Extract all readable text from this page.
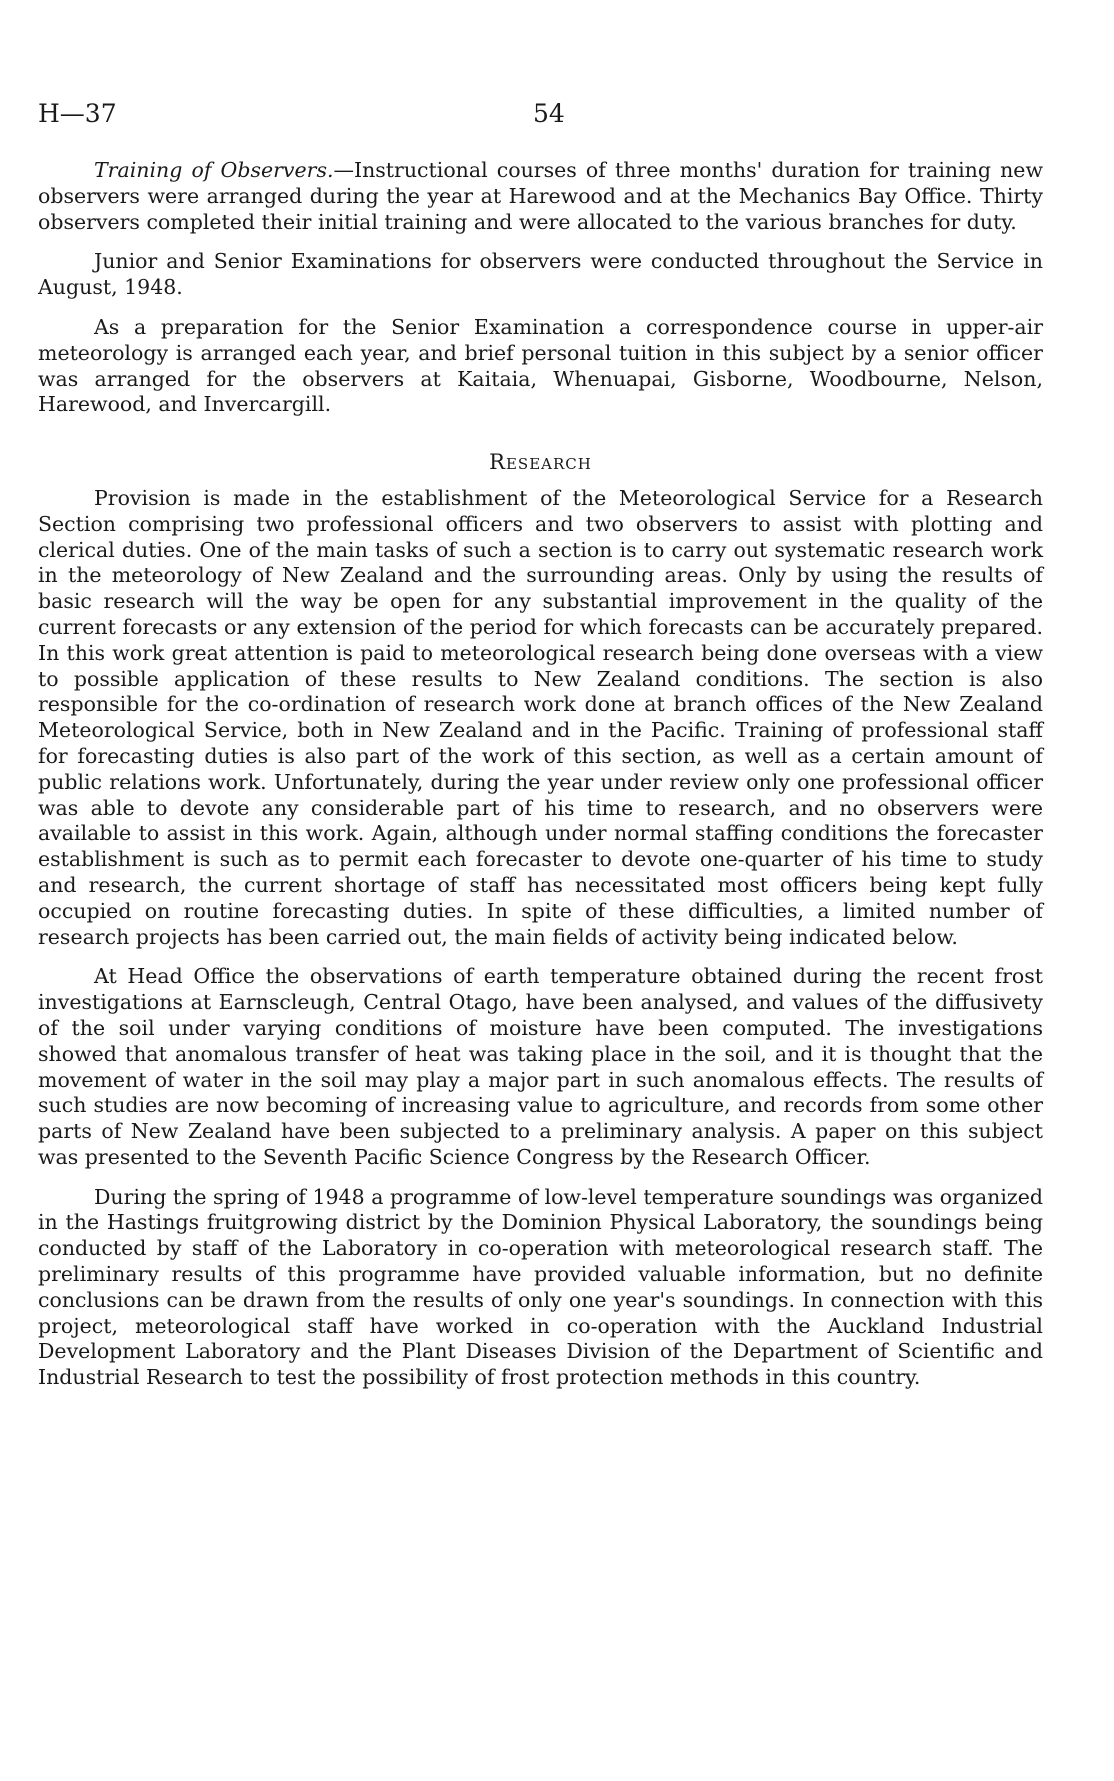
H—37	54

Training of Observers.—Instructional courses of three months' duration for training new observers were arranged during the year at Harewood and at the Mechanics Bay Office. Thirty observers completed their initial training and were allocated to the various branches for duty.

Junior and Senior Examinations for observers were conducted throughout the Service in August, 1948.

As a preparation for the Senior Examination a correspondence course in upper-air meteorology is arranged each year, and brief personal tuition in this subject by a senior officer was arranged for the observers at Kaitaia, Whenuapai, Gisborne, Woodbourne, Nelson, Harewood, and Invercargill.

Research

Provision is made in the establishment of the Meteorological Service for a Research Section comprising two professional officers and two observers to assist with plotting and clerical duties. One of the main tasks of such a section is to carry out systematic research work in the meteorology of New Zealand and the surrounding areas. Only by using the results of basic research will the way be open for any substantial improvement in the quality of the current forecasts or any extension of the period for which forecasts can be accurately prepared. In this work great attention is paid to meteorological research being done overseas with a view to possible application of these results to New Zealand conditions. The section is also responsible for the co-ordination of research work done at branch offices of the New Zealand Meteorological Service, both in New Zealand and in the Pacific. Training of professional staff for forecasting duties is also part of the work of this section, as well as a certain amount of public relations work. Unfortunately, during the year under review only one professional officer was able to devote any considerable part of his time to research, and no observers were available to assist in this work. Again, although under normal staffing conditions the forecaster establishment is such as to permit each forecaster to devote one-quarter of his time to study and research, the current shortage of staff has necessitated most officers being kept fully occupied on routine forecasting duties. In spite of these difficulties, a limited number of research projects has been carried out, the main fields of activity being indicated below.

At Head Office the observations of earth temperature obtained during the recent frost investigations at Earnscleugh, Central Otago, have been analysed, and values of the diffusivety of the soil under varying conditions of moisture have been computed. The investigations showed that anomalous transfer of heat was taking place in the soil, and it is thought that the movement of water in the soil may play a major part in such anomalous effects. The results of such studies are now becoming of increasing value to agriculture, and records from some other parts of New Zealand have been subjected to a preliminary analysis. A paper on this subject was presented to the Seventh Pacific Science Congress by the Research Officer.

During the spring of 1948 a programme of low-level temperature soundings was organized in the Hastings fruitgrowing district by the Dominion Physical Laboratory, the soundings being conducted by staff of the Laboratory in co-operation with meteorological research staff. The preliminary results of this programme have provided valuable information, but no definite conclusions can be drawn from the results of only one year's soundings. In connection with this project, meteorological staff have worked in co-operation with the Auckland Industrial Development Laboratory and the Plant Diseases Division of the Department of Scientific and Industrial Research to test the possibility of frost protection methods in this country.
